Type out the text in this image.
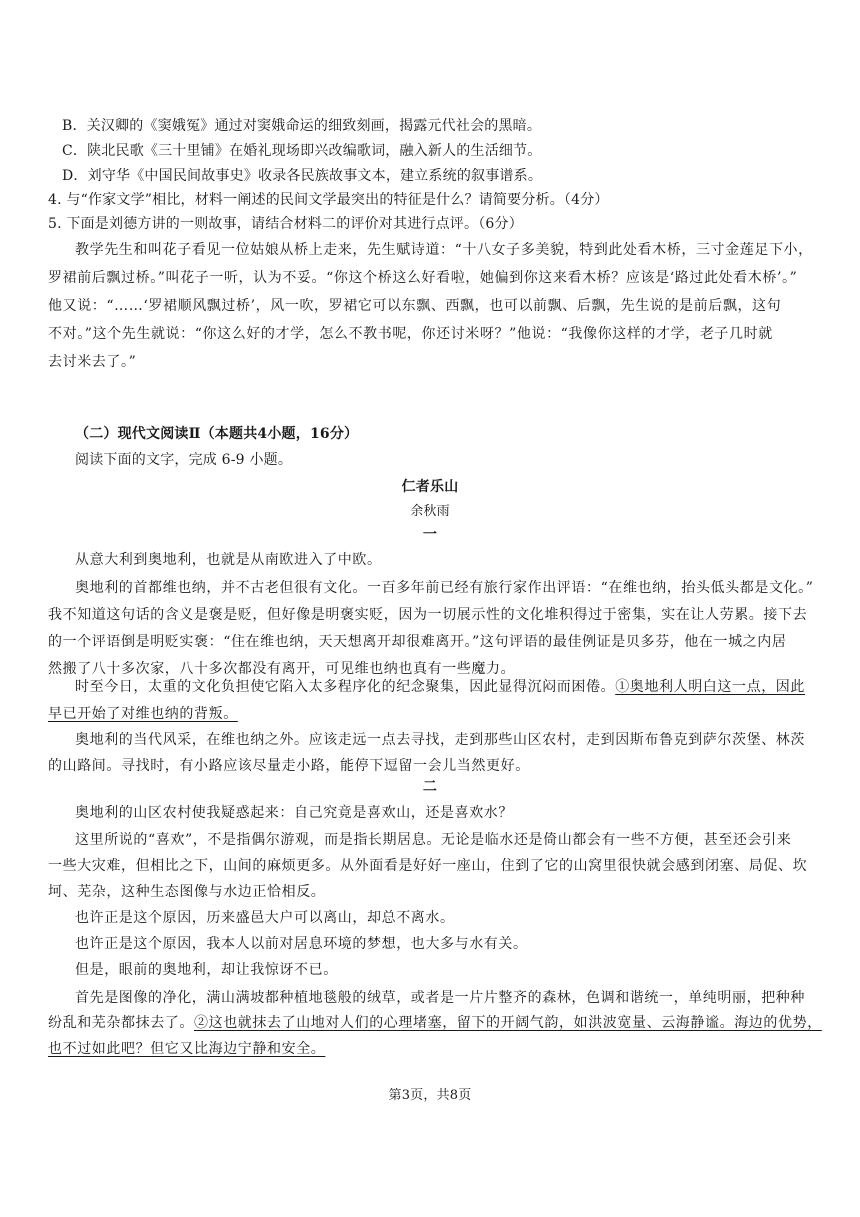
B．关汉卿的《窦娥冤》通过对窦娥命运的细致刻画，揭露元代社会的黑暗。
C．陕北民歌《三十里铺》在婚礼现场即兴改编歌词，融入新人的生活细节。
D．刘守华《中国民间故事史》收录各民族故事文本，建立系统的叙事谱系。
4. 与“作家文学”相比，材料一阐述的民间文学最突出的特征是什么？请简要分析。（4分）
5. 下面是刘德方讲的一则故事，请结合材料二的评价对其进行点评。（6分）
教学先生和叫花子看见一位姑娘从桥上走来，先生赋诗道：“十八女子多美貌，特到此处看木桥，三寸金莲足下小，
罗裙前后飘过桥。”叫花子一听，认为不妥。“你这个桥这么好看啦，她偏到你这来看木桥？应该是‘路过此处看木桥’。”
他又说：“……‘罗裙顺风飘过桥’，风一吹，罗裙它可以东飘、西飘，也可以前飘、后飘，先生说的是前后飘，这句
不对。”这个先生就说：“你这么好的才学，怎么不教书呢，你还讨米呀？”他说：“我像你这样的才学，老子几时就
去讨米去了。”
（二）现代文阅读Ⅱ（本题共4小题，16分）
阅读下面的文字，完成 6-9 小题。
仁者乐山
余秋雨
一
从意大利到奥地利，也就是从南欧进入了中欧。
奥地利的首都维也纳，并不古老但很有文化。一百多年前已经有旅行家作出评语：“在维也纳，抬头低头都是文化。”
我不知道这句话的含义是褒是贬，但好像是明褒实贬，因为一切展示性的文化堆积得过于密集，实在让人劳累。接下去
的一个评语倒是明贬实褒：“住在维也纳，天天想离开却很难离开。”这句评语的最佳例证是贝多芬，他在一城之内居
然搬了八十多次家，八十多次都没有离开，可见维也纳也真有一些魔力。
时至今日，太重的文化负担使它陷入太多程序化的纪念聚集，因此显得沉闷而困倦。①奥地利人明白这一点，因此
早已开始了对维也纳的背叛。
奥地利的当代风采，在维也纳之外。应该走远一点去寻找，走到那些山区农村，走到因斯布鲁克到萨尔茨堡、林茨
的山路间。寻找时，有小路应该尽量走小路，能停下逗留一会儿当然更好。
二
奥地利的山区农村使我疑惑起来：自己究竟是喜欢山，还是喜欢水？
这里所说的“喜欢”，不是指偶尔游观，而是指长期居息。无论是临水还是倚山都会有一些不方便，甚至还会引来
一些大灾难，但相比之下，山间的麻烦更多。从外面看是好好一座山，住到了它的山窝里很快就会感到闭塞、局促、坎
坷、芜杂，这种生态图像与水边正恰相反。
也许正是这个原因，历来盛邑大户可以离山，却总不离水。
也许正是这个原因，我本人以前对居息环境的梦想，也大多与水有关。
但是，眼前的奥地利，却让我惊讶不已。
首先是图像的净化，满山满坡都种植地毯般的绒草，或者是一片片整齐的森林，色调和谐统一，单纯明丽，把种种
纷乱和芜杂都抹去了。②这也就抹去了山地对人们的心理堵塞，留下的开阔气韵，如洪波宽量、云海静谧。海边的优势，
也不过如此吧？但它又比海边宁静和安全。
第3页，共8页
